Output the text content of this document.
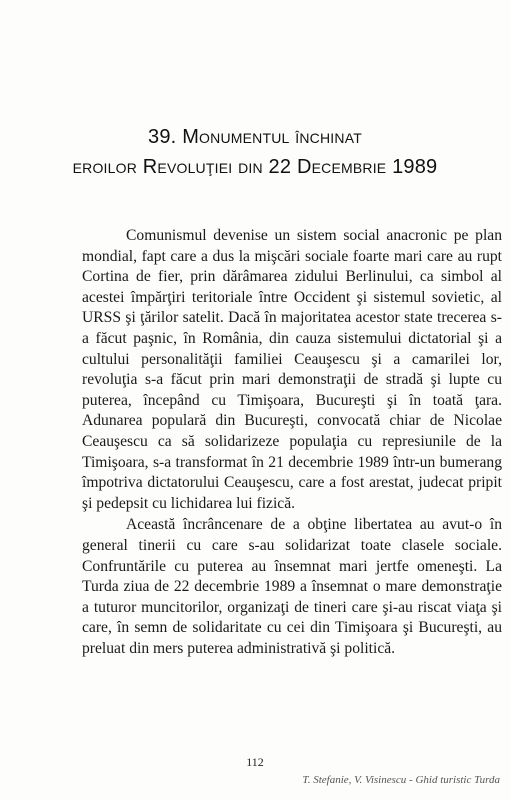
39. Monumentul închinat
eroilor Revoluţiei din 22 Decembrie 1989

Comunismul devenise un sistem social anacronic pe plan mondial, fapt care a dus la mişcări sociale foarte mari care au rupt Cortina de fier, prin dărâmarea zidului Berlinului, ca simbol al acestei împărţiri teritoriale între Occident şi sistemul sovietic, al URSS şi ţărilor satelit. Dacă în majoritatea acestor state trecerea s-a făcut paşnic, în România, din cauza sistemului dictatorial şi a cultului personalităţii familiei Ceauşescu şi a camarilei lor, revoluţia s-a făcut prin mari demonstraţii de stradă şi lupte cu puterea, începând cu Timişoara, Bucureşti şi în toată ţara. Adunarea populară din Bucureşti, convocată chiar de Nicolae Ceauşescu ca să solidarizeze populaţia cu represiunile de la Timişoara, s-a transformat în 21 decembrie 1989 într-un bumerang împotriva dictatorului Ceauşescu, care a fost arestat, judecat pripit şi pedepsit cu lichidarea lui fizică.

Această încrâncenare de a obţine libertatea au avut-o în general tinerii cu care s-au solidarizat toate clasele sociale. Confruntările cu puterea au însemnat mari jertfe omeneşti. La Turda ziua de 22 decembrie 1989 a însemnat o mare demonstraţie a tuturor muncitorilor, organizaţi de tineri care şi-au riscat viaţa şi care, în semn de solidaritate cu cei din Timişoara şi Bucureşti, au preluat din mers puterea administrativă şi politică.

112
T. Stefanie, V. Visinescu - Ghid turistic Turda
